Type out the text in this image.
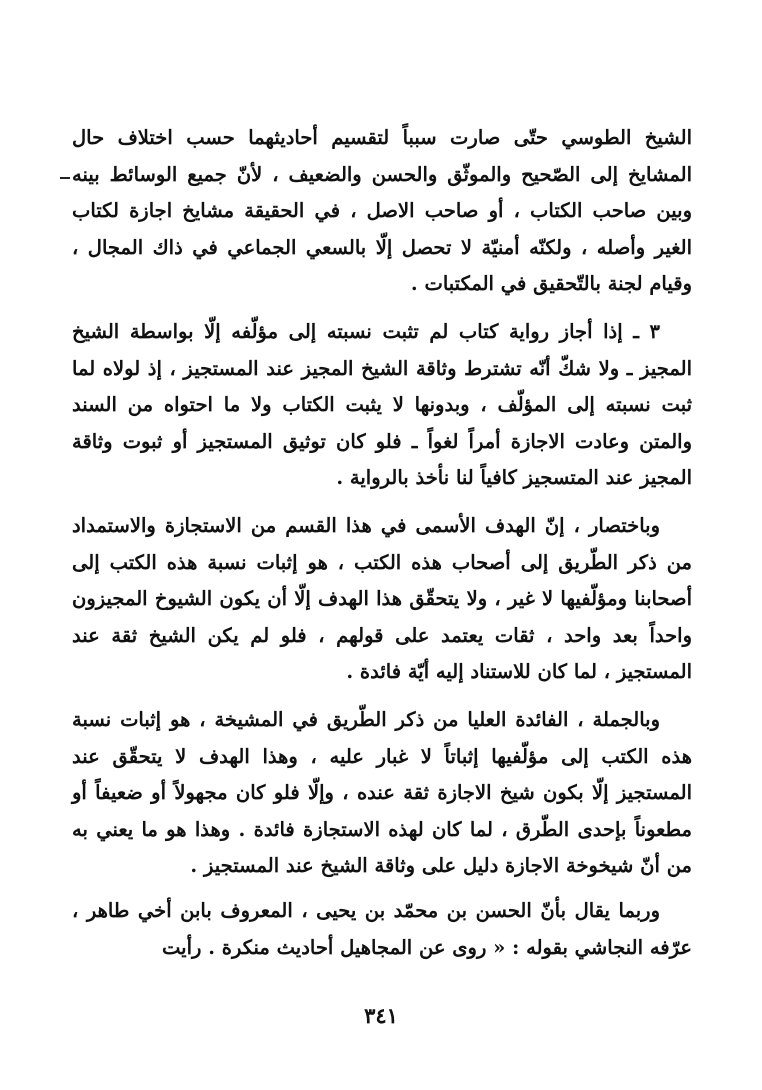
الشيخ الطوسي حتّى صارت سبباً لتقسيم أحاديثهما حسب اختلاف حال المشايخ إلى الصّحيح والموثّق والحسن والضعيف ، لأنّ جميع الوسائط بينه وبين صاحب الكتاب ، أو صاحب الاصل ، في الحقيقة مشايخ اجازة لكتاب الغير وأصله ، ولكنّه أمنيّة لا تحصل إلّا بالسعي الجماعي في ذاك المجال ، وقيام لجنة بالتّحقيق في المكتبات .

٣ ـ إذا أجاز رواية كتاب لم تثبت نسبته إلى مؤلّفه إلّا بواسطة الشيخ المجيز ـ ولا شكّ أنّه تشترط وثاقة الشيخ المجيز عند المستجيز ، إذ لولاه لما ثبت نسبته إلى المؤلّف ، وبدونها لا يثبت الكتاب ولا ما احتواه من السند والمتن وعادت الاجازة أمراً لغواً ـ فلو كان توثيق المستجيز أو ثبوت وثاقة المجيز عند المتسجيز كافياً لنا نأخذ بالرواية .

وباختصار ، إنّ الهدف الأسمى في هذا القسم من الاستجازة والاستمداد من ذكر الطّريق إلى أصحاب هذه الكتب ، هو إثبات نسبة هذه الكتب إلى أصحابنا ومؤلّفيها لا غير ، ولا يتحقّق هذا الهدف إلّا أن يكون الشيوخ المجيزون واحداً بعد واحد ، ثقات يعتمد على قولهم ، فلو لم يكن الشيخ ثقة عند المستجيز ، لما كان للاستناد إليه أيّة فائدة .

وبالجملة ، الفائدة العليا من ذكر الطّريق في المشيخة ، هو إثبات نسبة هذه الكتب إلى مؤلّفيها إثباتاً لا غبار عليه ، وهذا الهدف لا يتحقّق عند المستجيز إلّا بكون شيخ الاجازة ثقة عنده ، وإلّا فلو كان مجهولاً أو ضعيفاً أو مطعوناً بإحدى الطّرق ، لما كان لهذه الاستجازة فائدة . وهذا هو ما يعني به من أنّ شيخوخة الاجازة دليل على وثاقة الشيخ عند المستجيز .

وربما يقال بأنّ الحسن بن محمّد بن يحيى ، المعروف بابن أخي طاهر ، عرّفه النجاشي بقوله : « روى عن المجاهيل أحاديث منكرة . رأيت

٣٤١
